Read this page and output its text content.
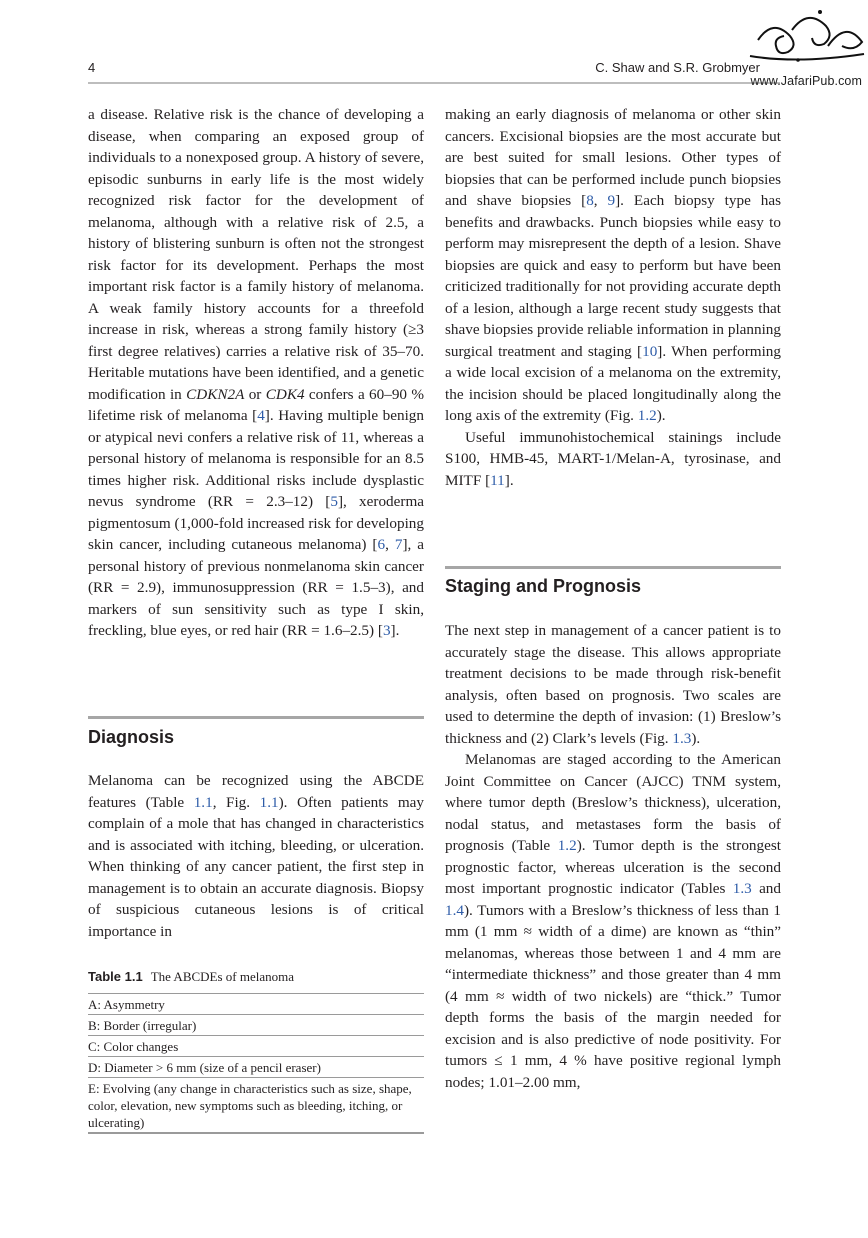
4	C. Shaw and S.R. Grobmyer
www.JafariPub.com

a disease. Relative risk is the chance of developing a disease, when comparing an exposed group of individuals to a nonexposed group. A history of severe, episodic sunburns in early life is the most widely recognized risk factor for the development of melanoma, although with a relative risk of 2.5, a history of blistering sunburn is often not the strongest risk factor for its development. Perhaps the most important risk factor is a family history of melanoma. A weak family history accounts for a threefold increase in risk, whereas a strong family history (≥3 first degree relatives) carries a relative risk of 35–70. Heritable mutations have been identified, and a genetic modification in CDKN2A or CDK4 confers a 60–90 % lifetime risk of melanoma [4]. Having multiple benign or atypical nevi confers a relative risk of 11, whereas a personal history of melanoma is responsible for an 8.5 times higher risk. Additional risks include dysplastic nevus syndrome (RR = 2.3–12) [5], xeroderma pigmentosum (1,000-fold increased risk for developing skin cancer, including cutaneous melanoma) [6, 7], a personal history of previous nonmelanoma skin cancer (RR = 2.9), immunosuppression (RR = 1.5–3), and markers of sun sensitivity such as type I skin, freckling, blue eyes, or red hair (RR = 1.6–2.5) [3].

Diagnosis

Melanoma can be recognized using the ABCDE features (Table 1.1, Fig. 1.1). Often patients may complain of a mole that has changed in characteristics and is associated with itching, bleeding, or ulceration. When thinking of any cancer patient, the first step in management is to obtain an accurate diagnosis. Biopsy of suspicious cutaneous lesions is of critical importance in

Table 1.1 The ABCDEs of melanoma
A: Asymmetry
B: Border (irregular)
C: Color changes
D: Diameter > 6 mm (size of a pencil eraser)
E: Evolving (any change in characteristics such as size, shape, color, elevation, new symptoms such as bleeding, itching, or ulcerating)

making an early diagnosis of melanoma or other skin cancers. Excisional biopsies are the most accurate but are best suited for small lesions. Other types of biopsies that can be performed include punch biopsies and shave biopsies [8, 9]. Each biopsy type has benefits and drawbacks. Punch biopsies while easy to perform may misrepresent the depth of a lesion. Shave biopsies are quick and easy to perform but have been criticized traditionally for not providing accurate depth of a lesion, although a large recent study suggests that shave biopsies provide reliable information in planning surgical treatment and staging [10]. When performing a wide local excision of a melanoma on the extremity, the incision should be placed longitudinally along the long axis of the extremity (Fig. 1.2).

Useful immunohistochemical stainings include S100, HMB-45, MART-1/Melan-A, tyrosinase, and MITF [11].

Staging and Prognosis

The next step in management of a cancer patient is to accurately stage the disease. This allows appropriate treatment decisions to be made through risk-benefit analysis, often based on prognosis. Two scales are used to determine the depth of invasion: (1) Breslow’s thickness and (2) Clark’s levels (Fig. 1.3).

Melanomas are staged according to the American Joint Committee on Cancer (AJCC) TNM system, where tumor depth (Breslow’s thickness), ulceration, nodal status, and metastases form the basis of prognosis (Table 1.2). Tumor depth is the strongest prognostic factor, whereas ulceration is the second most important prognostic indicator (Tables 1.3 and 1.4). Tumors with a Breslow’s thickness of less than 1 mm (1 mm ≈ width of a dime) are known as “thin” melanomas, whereas those between 1 and 4 mm are “intermediate thickness” and those greater than 4 mm (4 mm ≈ width of two nickels) are “thick.” Tumor depth forms the basis of the margin needed for excision and is also predictive of node positivity. For tumors ≤ 1 mm, 4 % have positive regional lymph nodes; 1.01–2.00 mm,
